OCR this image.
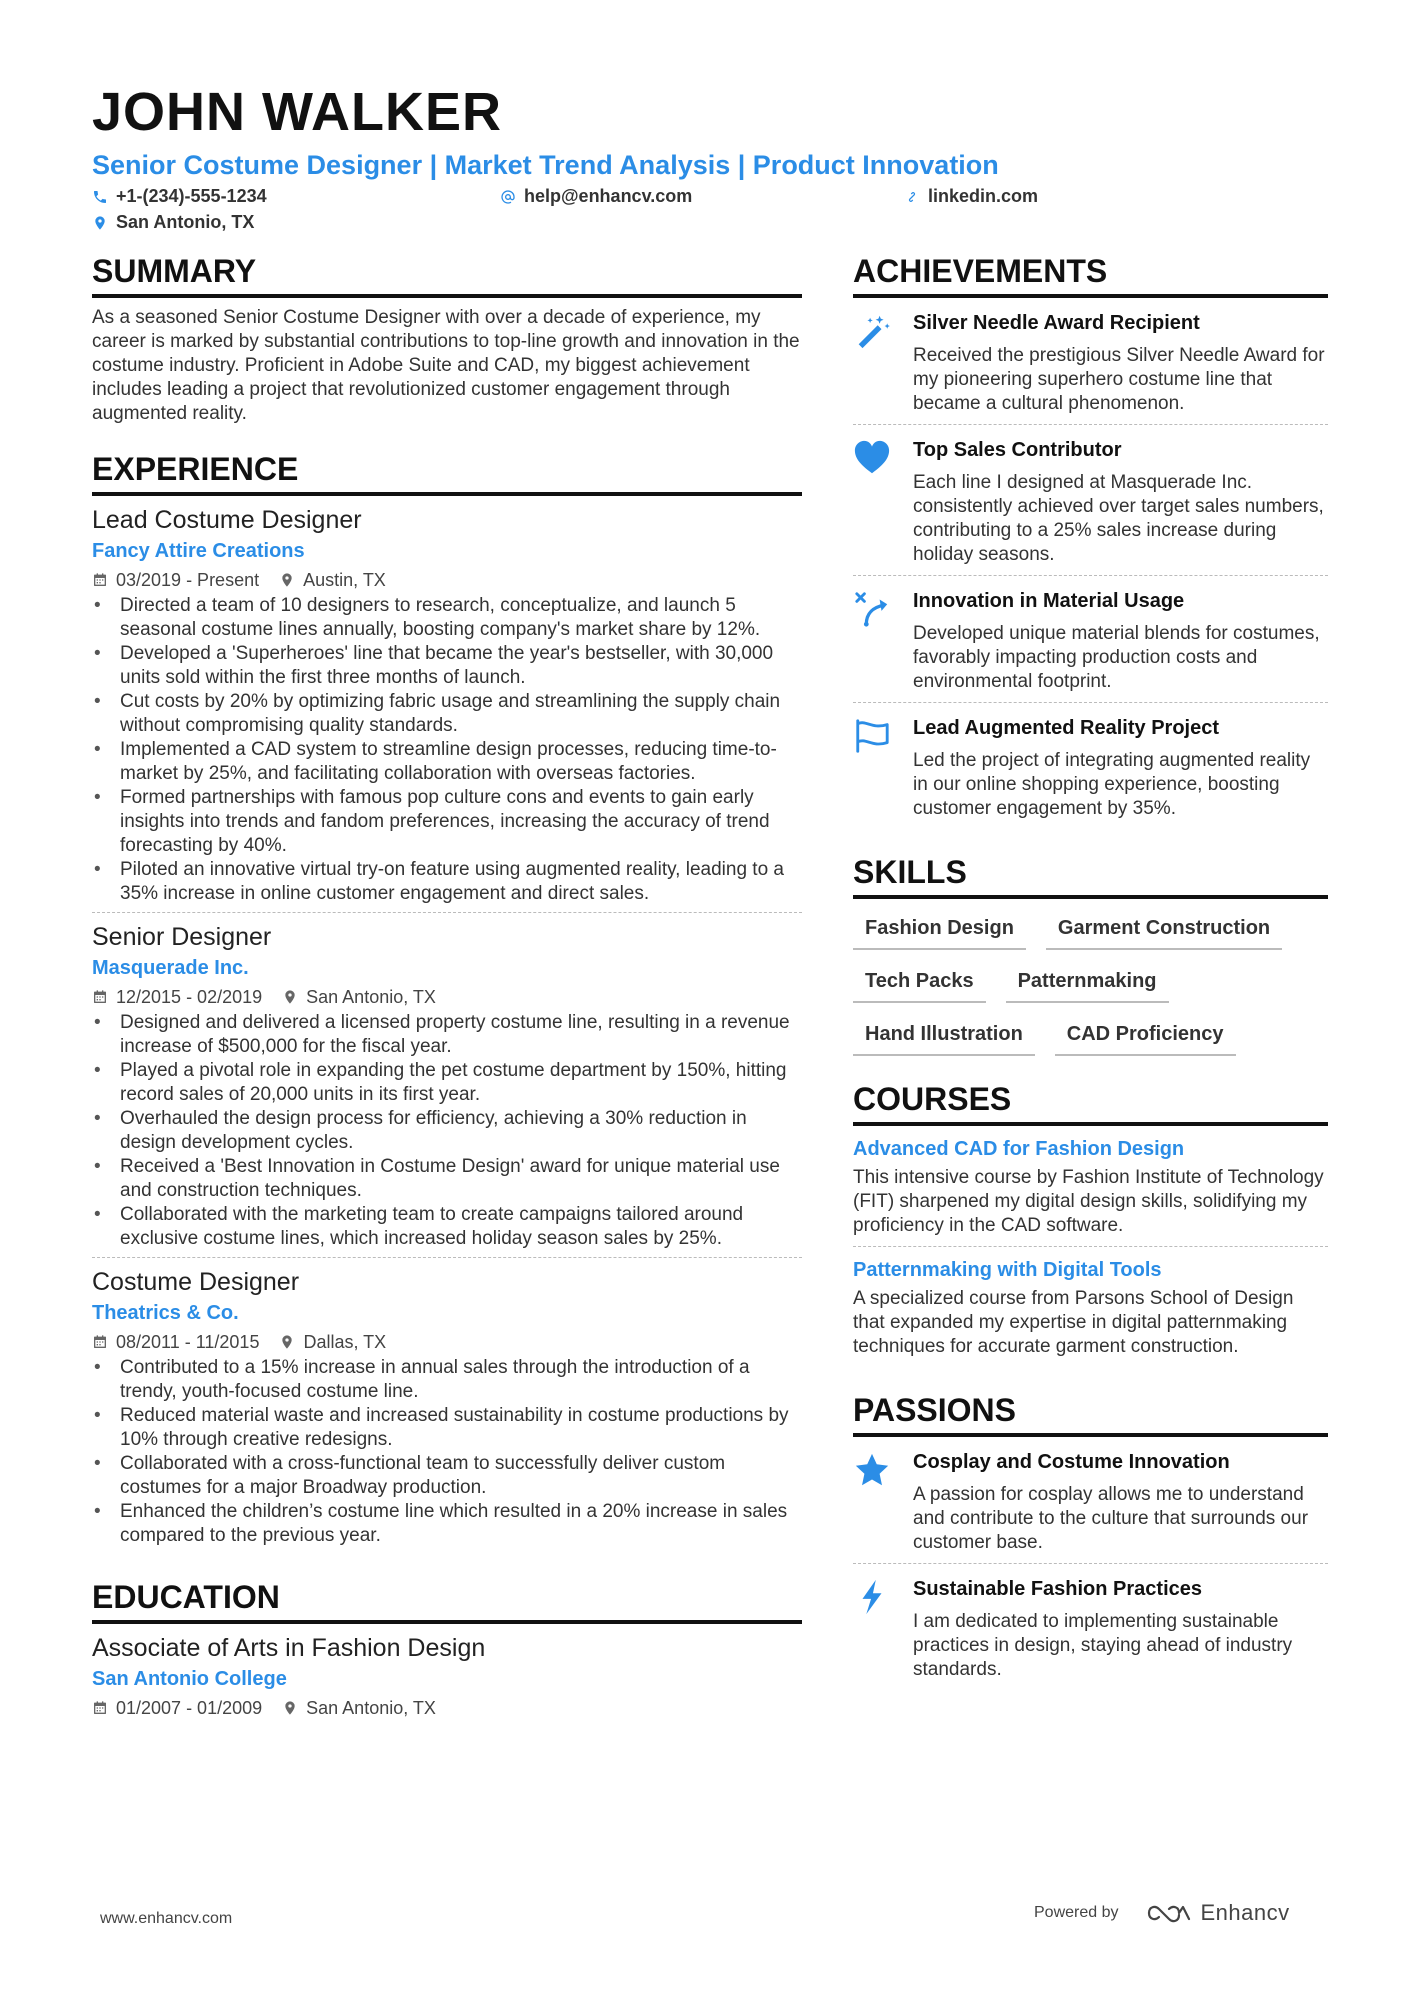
JOHN WALKER
Senior Costume Designer | Market Trend Analysis | Product Innovation
+1-(234)-555-1234	help@enhancv.com	linkedin.com
San Antonio, TX
SUMMARY
As a seasoned Senior Costume Designer with over a decade of experience, my career is marked by substantial contributions to top-line growth and innovation in the costume industry. Proficient in Adobe Suite and CAD, my biggest achievement includes leading a project that revolutionized customer engagement through augmented reality.
EXPERIENCE
Lead Costume Designer
Fancy Attire Creations
03/2019 - Present Austin, TX
• Directed a team of 10 designers to research, conceptualize, and launch 5 seasonal costume lines annually, boosting company's market share by 12%.
• Developed a 'Superheroes' line that became the year's bestseller, with 30,000 units sold within the first three months of launch.
• Cut costs by 20% by optimizing fabric usage and streamlining the supply chain without compromising quality standards.
• Implemented a CAD system to streamline design processes, reducing time-to-market by 25%, and facilitating collaboration with overseas factories.
• Formed partnerships with famous pop culture cons and events to gain early insights into trends and fandom preferences, increasing the accuracy of trend forecasting by 40%.
• Piloted an innovative virtual try-on feature using augmented reality, leading to a 35% increase in online customer engagement and direct sales.
Senior Designer
Masquerade Inc.
12/2015 - 02/2019 San Antonio, TX
• Designed and delivered a licensed property costume line, resulting in a revenue increase of $500,000 for the fiscal year.
• Played a pivotal role in expanding the pet costume department by 150%, hitting record sales of 20,000 units in its first year.
• Overhauled the design process for efficiency, achieving a 30% reduction in design development cycles.
• Received a 'Best Innovation in Costume Design' award for unique material use and construction techniques.
• Collaborated with the marketing team to create campaigns tailored around exclusive costume lines, which increased holiday season sales by 25%.
Costume Designer
Theatrics & Co.
08/2011 - 11/2015 Dallas, TX
• Contributed to a 15% increase in annual sales through the introduction of a trendy, youth-focused costume line.
• Reduced material waste and increased sustainability in costume productions by 10% through creative redesigns.
• Collaborated with a cross-functional team to successfully deliver custom costumes for a major Broadway production.
• Enhanced the children’s costume line which resulted in a 20% increase in sales compared to the previous year.
EDUCATION
Associate of Arts in Fashion Design
San Antonio College
01/2007 - 01/2009 San Antonio, TX
ACHIEVEMENTS
Silver Needle Award Recipient
Received the prestigious Silver Needle Award for my pioneering superhero costume line that became a cultural phenomenon.
Top Sales Contributor
Each line I designed at Masquerade Inc. consistently achieved over target sales numbers, contributing to a 25% sales increase during holiday seasons.
Innovation in Material Usage
Developed unique material blends for costumes, favorably impacting production costs and environmental footprint.
Lead Augmented Reality Project
Led the project of integrating augmented reality in our online shopping experience, boosting customer engagement by 35%.
SKILLS
Fashion Design	Garment Construction
Tech Packs	Patternmaking
Hand Illustration	CAD Proficiency
COURSES
Advanced CAD for Fashion Design
This intensive course by Fashion Institute of Technology (FIT) sharpened my digital design skills, solidifying my proficiency in the CAD software.
Patternmaking with Digital Tools
A specialized course from Parsons School of Design that expanded my expertise in digital patternmaking techniques for accurate garment construction.
PASSIONS
Cosplay and Costume Innovation
A passion for cosplay allows me to understand and contribute to the culture that surrounds our customer base.
Sustainable Fashion Practices
I am dedicated to implementing sustainable practices in design, staying ahead of industry standards.
www.enhancv.com	Powered by	Enhancv
